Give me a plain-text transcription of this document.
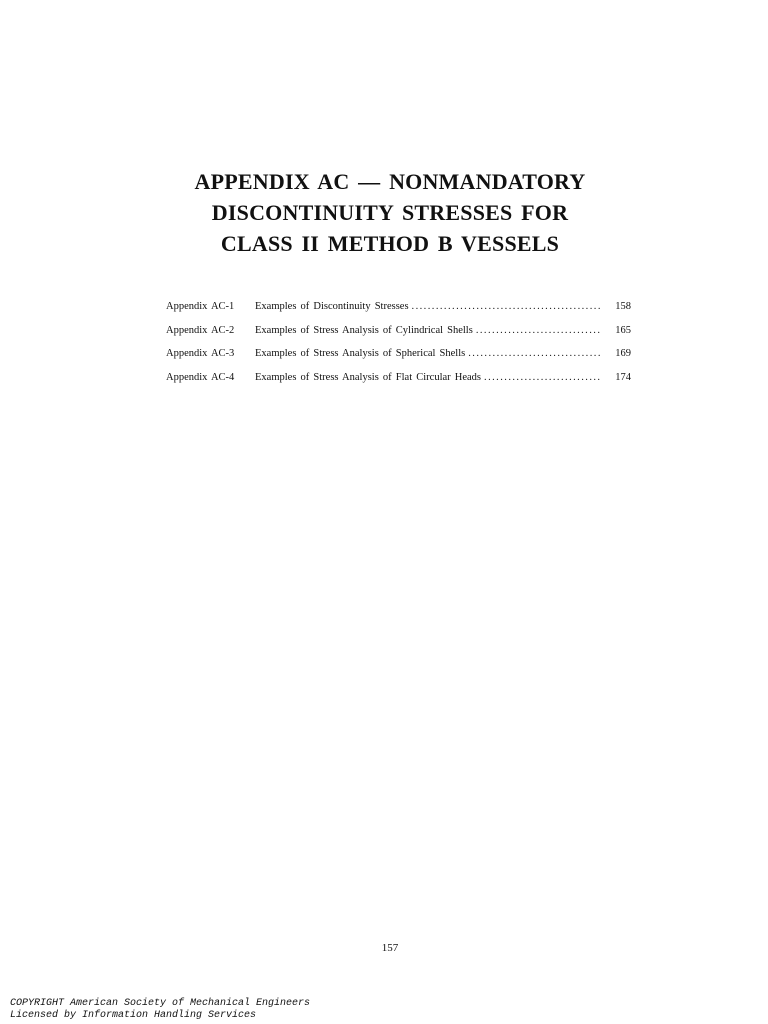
APPENDIX AC — NONMANDATORY
DISCONTINUITY STRESSES FOR
CLASS II METHOD B VESSELS
Appendix AC-1	Examples of Discontinuity Stresses . . .	158
Appendix AC-2	Examples of Stress Analysis of Cylindrical Shells . . .	165
Appendix AC-3	Examples of Stress Analysis of Spherical Shells . . .	169
Appendix AC-4	Examples of Stress Analysis of Flat Circular Heads . . .	174
157
COPYRIGHT American Society of Mechanical Engineers
Licensed by Information Handling Services
